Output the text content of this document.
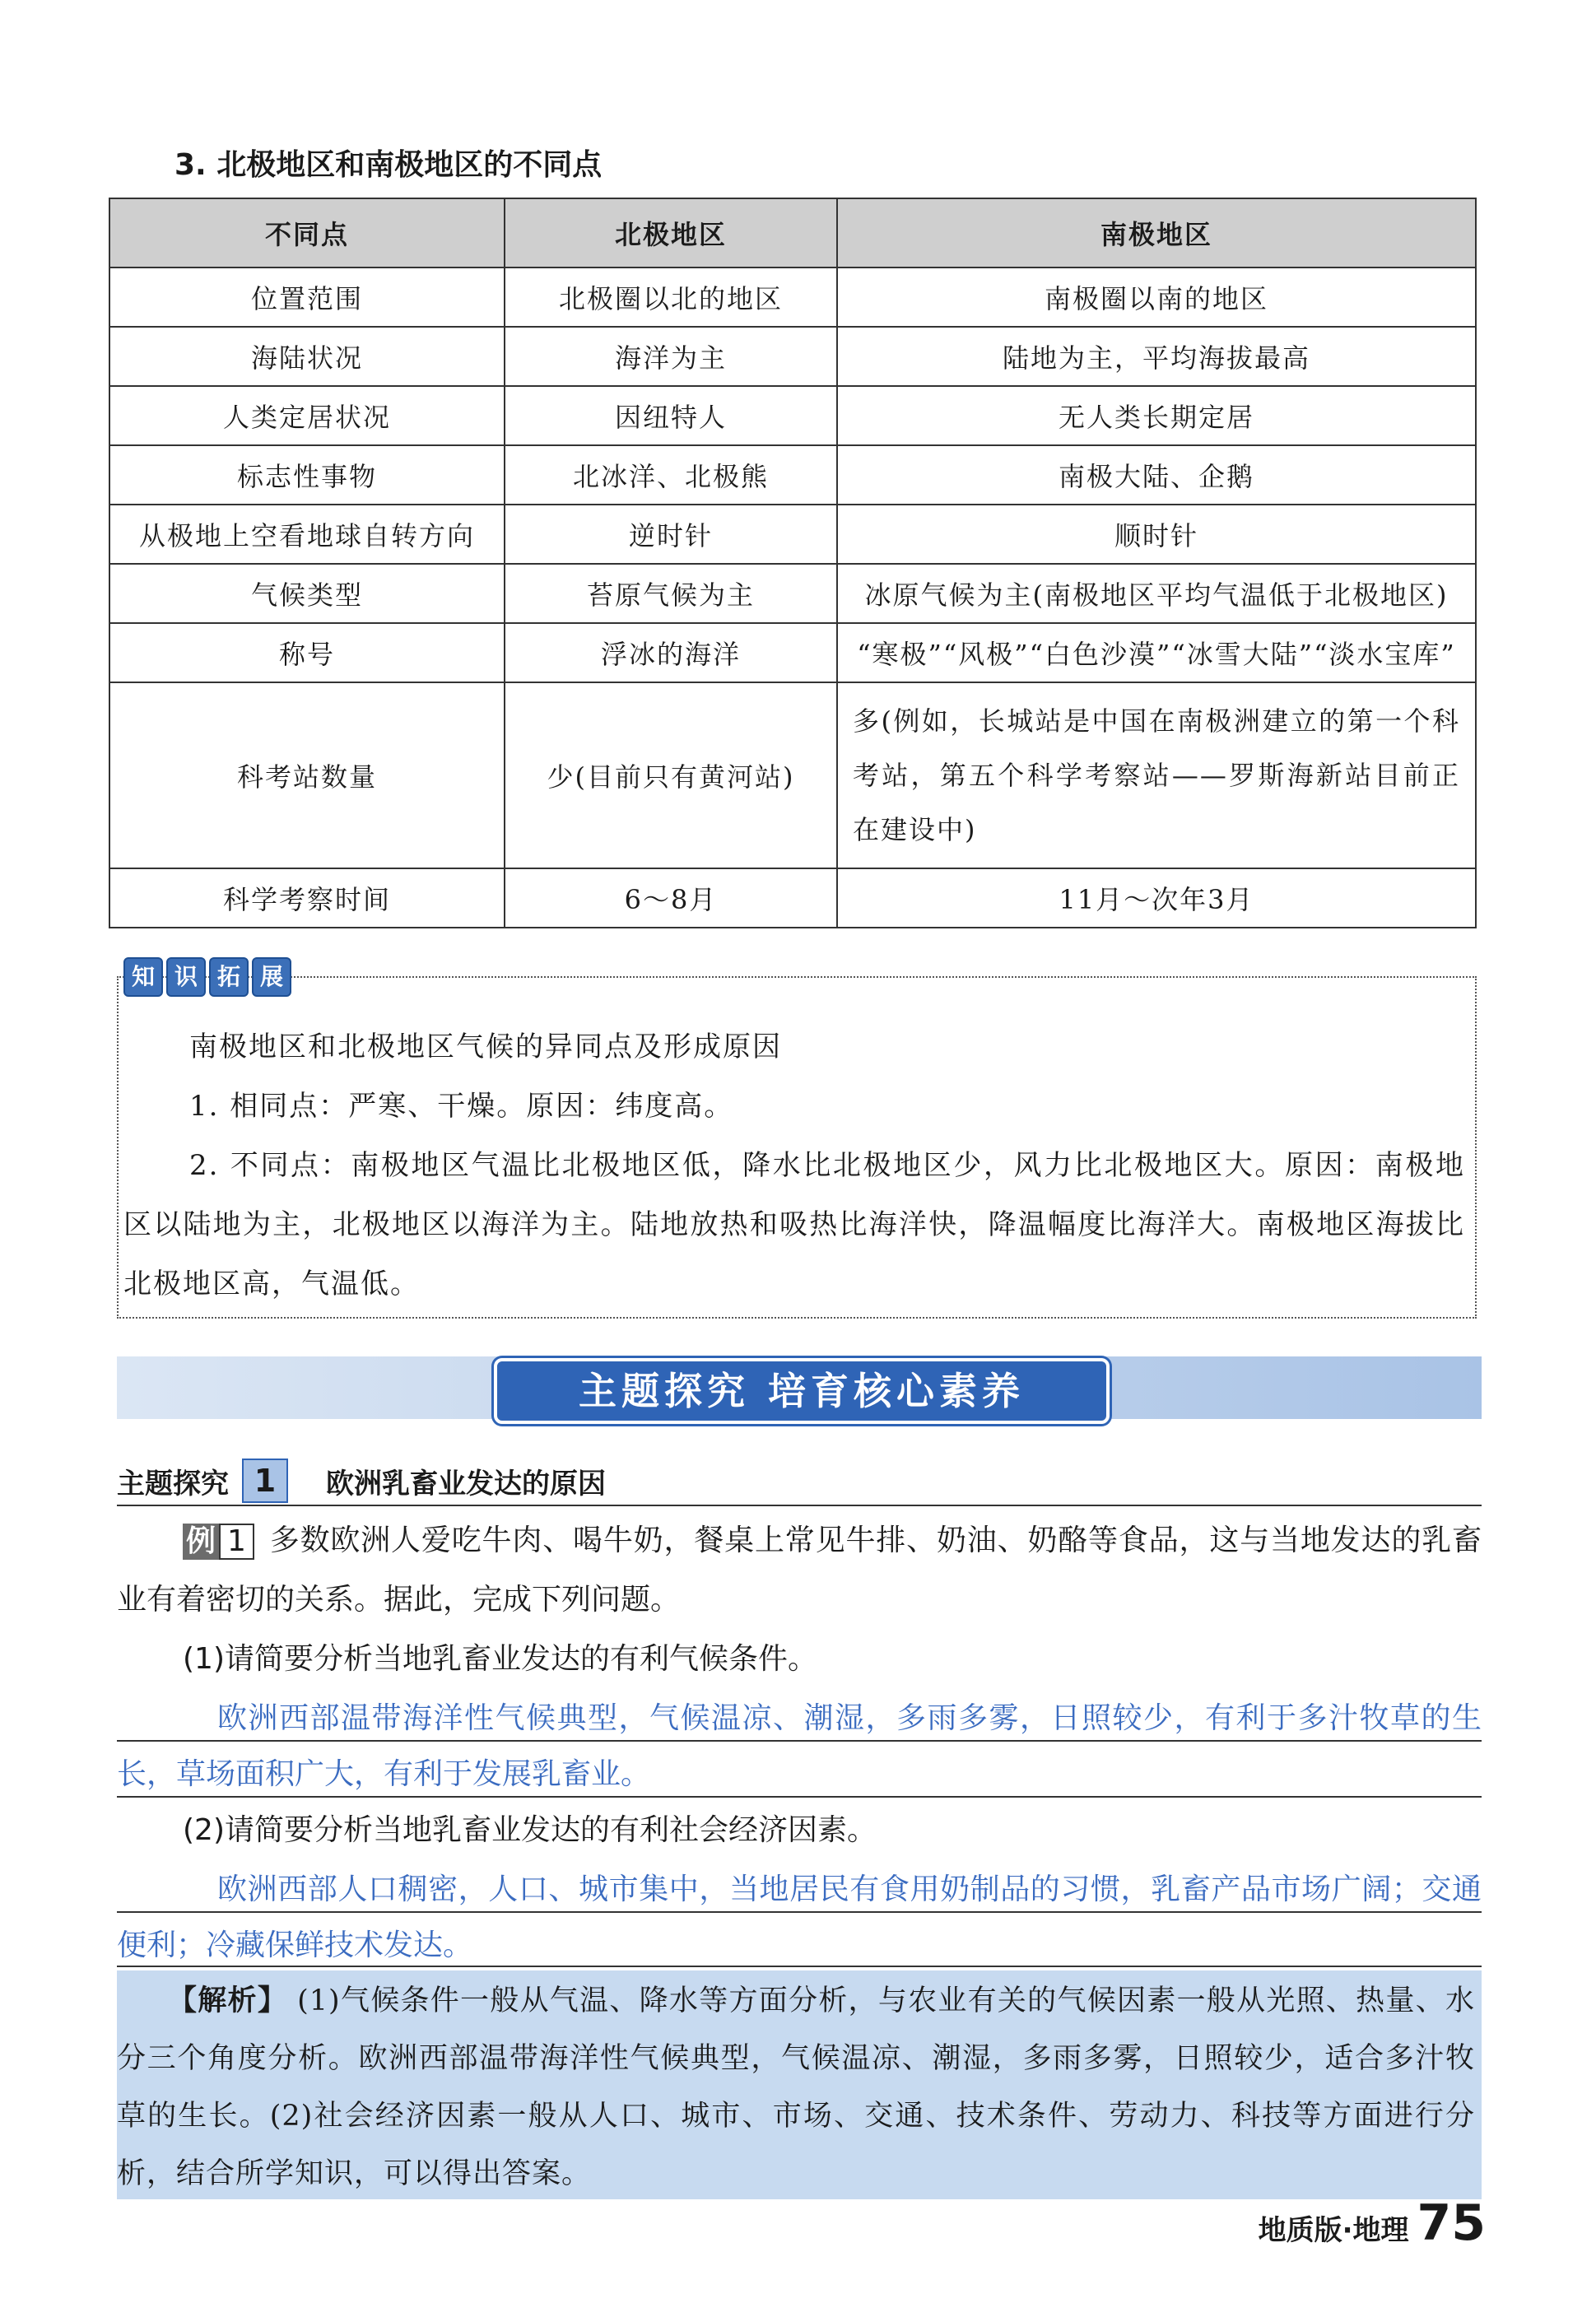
3. 北极地区和南极地区的不同点
不同点	北极地区	南极地区
位置范围	北极圈以北的地区	南极圈以南的地区
海陆状况	海洋为主	陆地为主，平均海拔最高
人类定居状况	因纽特人	无人类长期定居
标志性事物	北冰洋、北极熊	南极大陆、企鹅
从极地上空看地球自转方向	逆时针	顺时针
气候类型	苔原气候为主	冰原气候为主(南极地区平均气温低于北极地区)
称号	浮冰的海洋	“寒极”“风极”“白色沙漠”“冰雪大陆”“淡水宝库”
科考站数量	少(目前只有黄河站)	多(例如，长城站是中国在南极洲建立的第一个科考站，第五个科学考察站——罗斯海新站目前正在建设中)
科学考察时间	6～8月	11月～次年3月
知 识 拓 展

南极地区和北极地区气候的异同点及形成原因

1. 相同点：严寒、干燥。原因：纬度高。

2. 不同点：南极地区气温比北极地区低，降水比北极地区少，风力比北极地区大。原因：南极地区以陆地为主，北极地区以海洋为主。陆地放热和吸热比海洋快，降温幅度比海洋大。南极地区海拔比北极地区高，气温低。

主题探究 培育核心素养
主题探究 1	欧洲乳畜业发达的原因
例 1 多数欧洲人爱吃牛肉、喝牛奶，餐桌上常见牛排、奶油、奶酪等食品，这与当地发达的乳畜业有着密切的关系。据此，完成下列问题。
(1)请简要分析当地乳畜业发达的有利气候条件。
欧洲西部温带海洋性气候典型，气候温凉、潮湿，多雨多雾，日照较少，有利于多汁牧草的生长，草场面积广大，有利于发展乳畜业。
(2)请简要分析当地乳畜业发达的有利社会经济因素。
欧洲西部人口稠密，人口、城市集中，当地居民有食用奶制品的习惯，乳畜产品市场广阔；交通便利；冷藏保鲜技术发达。
【解析】 (1)气候条件一般从气温、降水等方面分析，与农业有关的气候因素一般从光照、热量、水分三个角度分析。欧洲西部温带海洋性气候典型，气候温凉、潮湿，多雨多雾，日照较少，适合多汁牧草的生长。(2)社会经济因素一般从人口、城市、市场、交通、技术条件、劳动力、科技等方面进行分析，结合所学知识，可以得出答案。
地质版·地理 75
